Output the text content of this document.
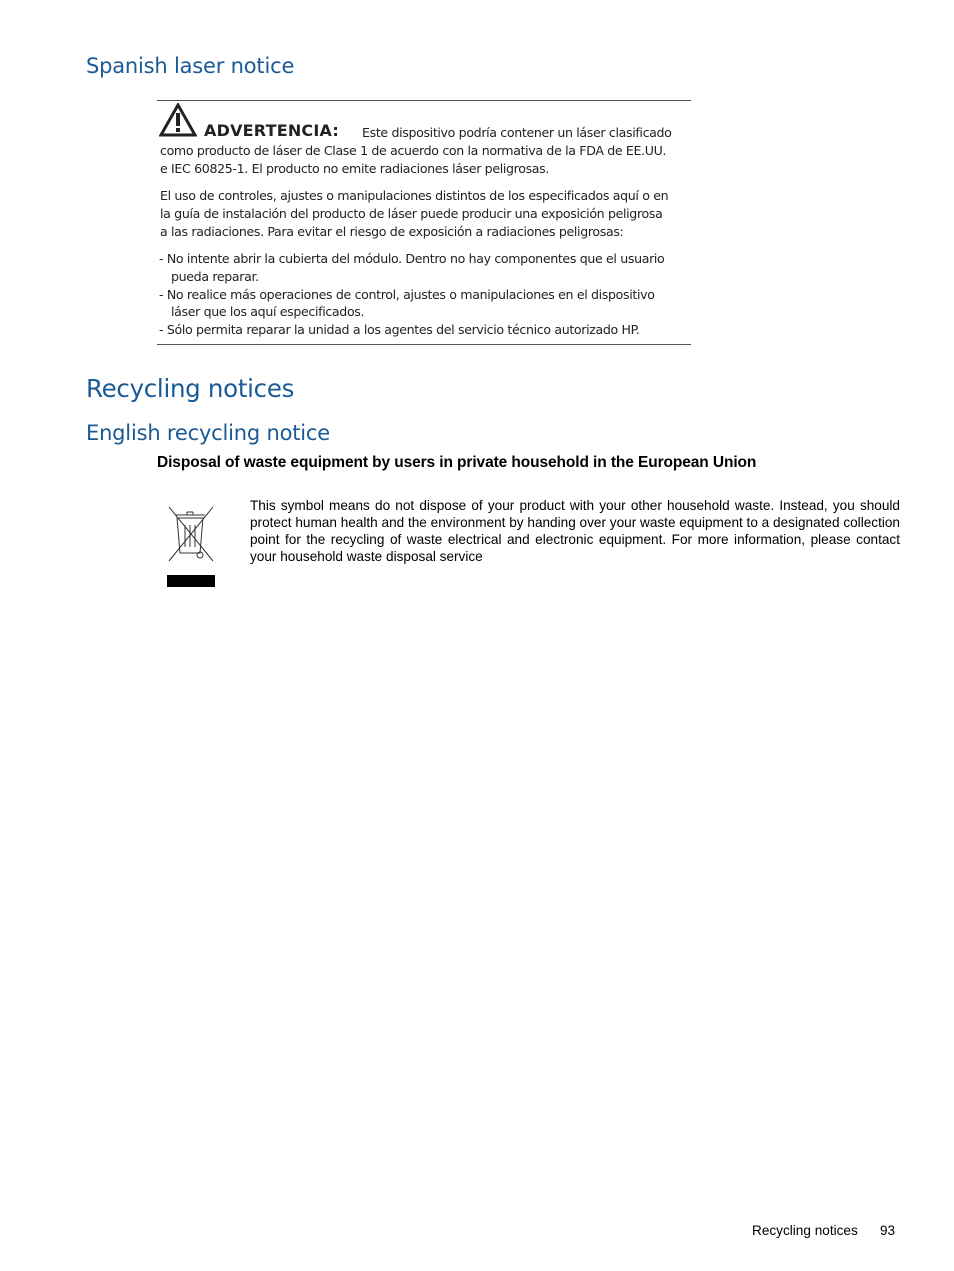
Spanish laser notice
ADVERTENCIA: Este dispositivo podría contener un láser clasificado
como producto de láser de Clase 1 de acuerdo con la normativa de la FDA de EE.UU.
e IEC 60825-1. El producto no emite radiaciones láser peligrosas.
El uso de controles, ajustes o manipulaciones distintos de los especificados aquí o en
la guía de instalación del producto de láser puede producir una exposición peligrosa
a las radiaciones. Para evitar el riesgo de exposición a radiaciones peligrosas:
- No intente abrir la cubierta del módulo. Dentro no hay componentes que el usuario
pueda reparar.
- No realice más operaciones de control, ajustes o manipulaciones en el dispositivo
láser que los aquí especificados.
- Sólo permita reparar la unidad a los agentes del servicio técnico autorizado HP.
Recycling notices
English recycling notice
Disposal of waste equipment by users in private household in the European Union

This symbol means do not dispose of your product with your other household waste. Instead, you should protect human health and the environment by handing over your waste equipment to a designated collection point for the recycling of waste electrical and electronic equipment. For more information, please contact your household waste disposal service

Recycling notices 93
